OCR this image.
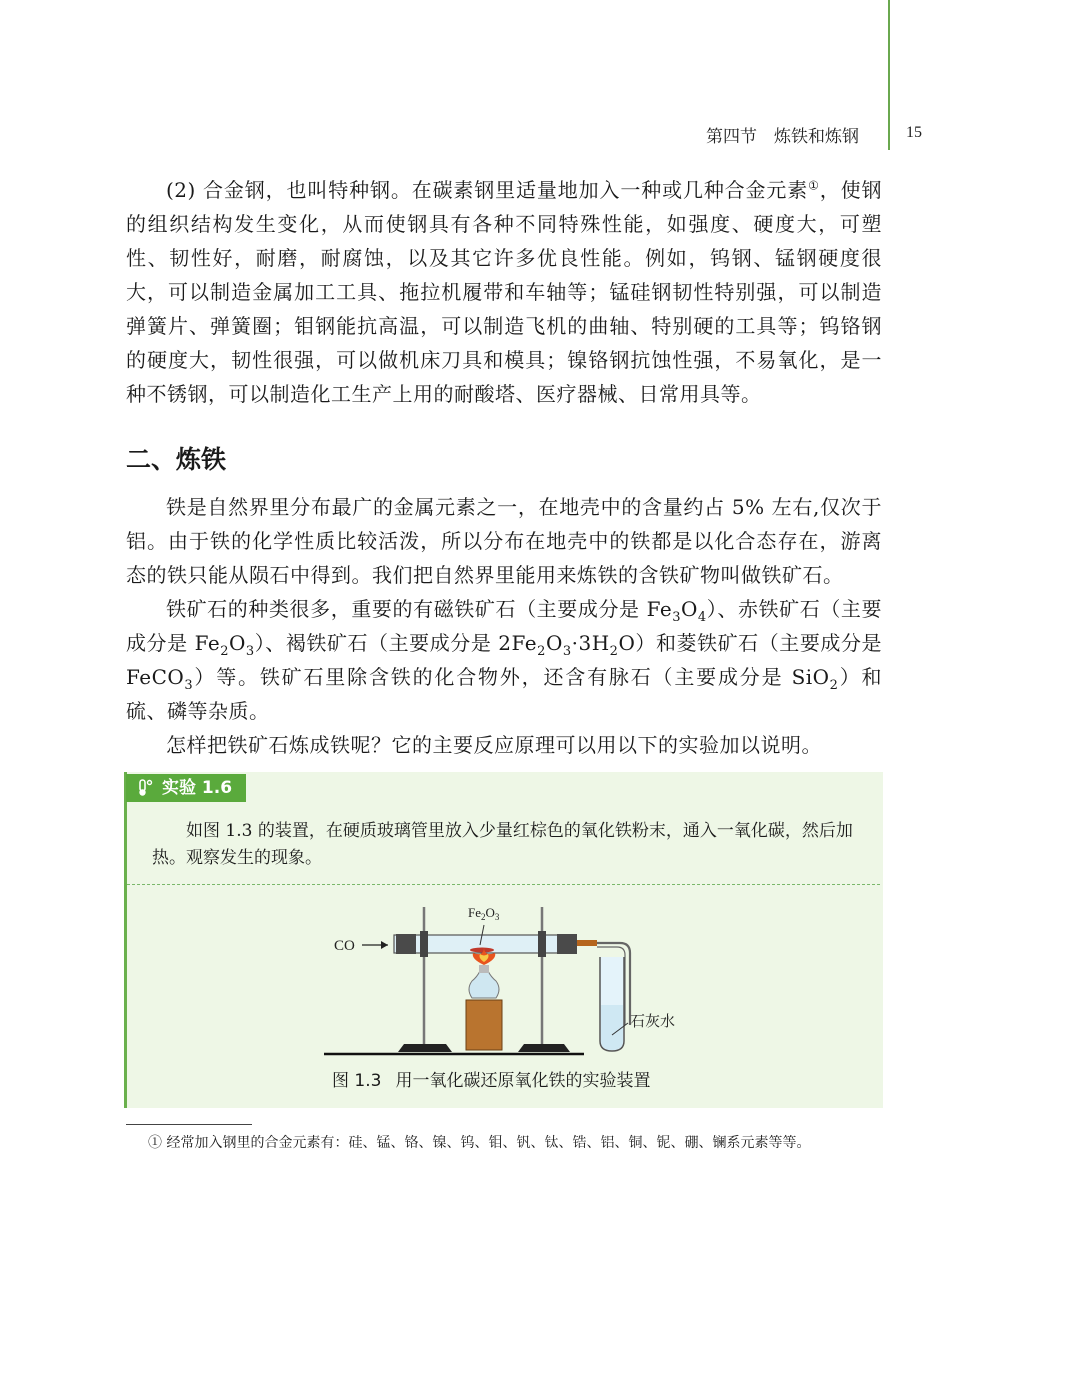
第四节　炼铁和炼钢	15

(2) 合金钢，也叫特种钢。在碳素钢里适量地加入一种或几种合金元素①，使钢的组织结构发生变化，从而使钢具有各种不同特殊性能，如强度、硬度大，可塑性、韧性好，耐磨，耐腐蚀，以及其它许多优良性能。例如，钨钢、锰钢硬度很大，可以制造金属加工工具、拖拉机履带和车轴等；锰硅钢韧性特别强，可以制造弹簧片、弹簧圈；钼钢能抗高温，可以制造飞机的曲轴、特别硬的工具等；钨铬钢的硬度大，韧性很强，可以做机床刀具和模具；镍铬钢抗蚀性强，不易氧化，是一种不锈钢，可以制造化工生产上用的耐酸塔、医疗器械、日常用具等。

二、炼铁

铁是自然界里分布最广的金属元素之一，在地壳中的含量约占 5% 左右,仅次于铝。由于铁的化学性质比较活泼，所以分布在地壳中的铁都是以化合态存在，游离态的铁只能从陨石中得到。我们把自然界里能用来炼铁的含铁矿物叫做铁矿石。

铁矿石的种类很多，重要的有磁铁矿石（主要成分是 $Fe_3O_4$）、赤铁矿石（主要成分是 $Fe_2O_3$）、褐铁矿石（主要成分是 $2Fe_2O_3\cdot 3H_2O$）和菱铁矿石（主要成分是 FeCO$_3$）等。铁矿石里除含铁的化合物外，还含有脉石（主要成分是 SiO$_2$）和硫、磷等杂质。

怎样把铁矿石炼成铁呢？它的主要反应原理可以用以下的实验加以说明。

实验 1.6
如图 1.3 的装置，在硬质玻璃管里放入少量红棕色的氧化铁粉末，通入一氧化碳，然后加热。观察发生的现象。
$Fe_2O_3$
CO
石灰水
图 1.3 用一氧化碳还原氧化铁的实验装置
① 经常加入钢里的合金元素有：硅、锰、铬、镍、钨、钼、钒、钛、锆、铝、铜、铌、硼、镧系元素等等。
